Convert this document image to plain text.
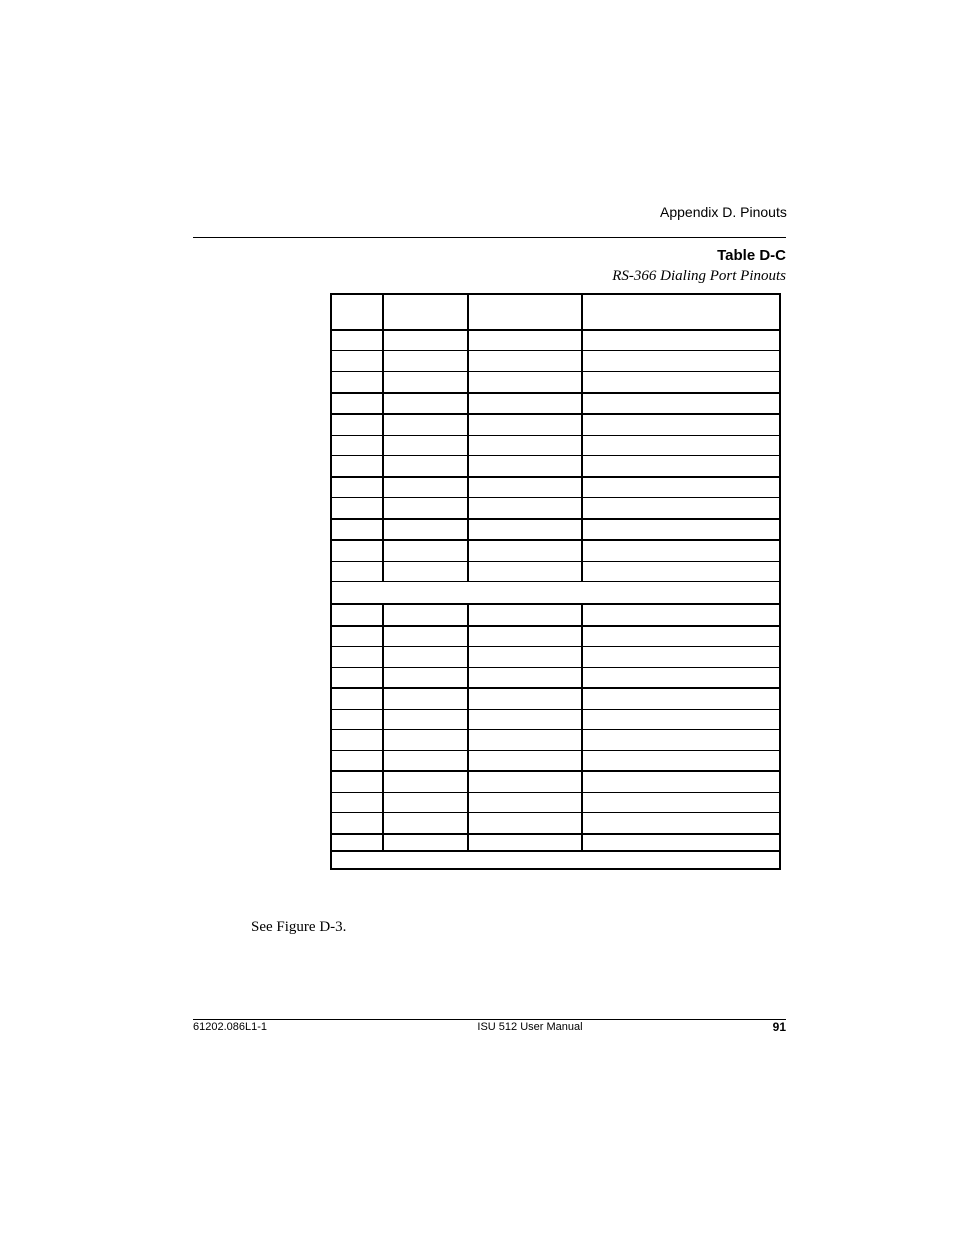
Appendix D. Pinouts
Table D-C
RS-366 Dialing Port Pinouts

See Figure D-3.
61202.086L1-1	ISU 512 User Manual	91
